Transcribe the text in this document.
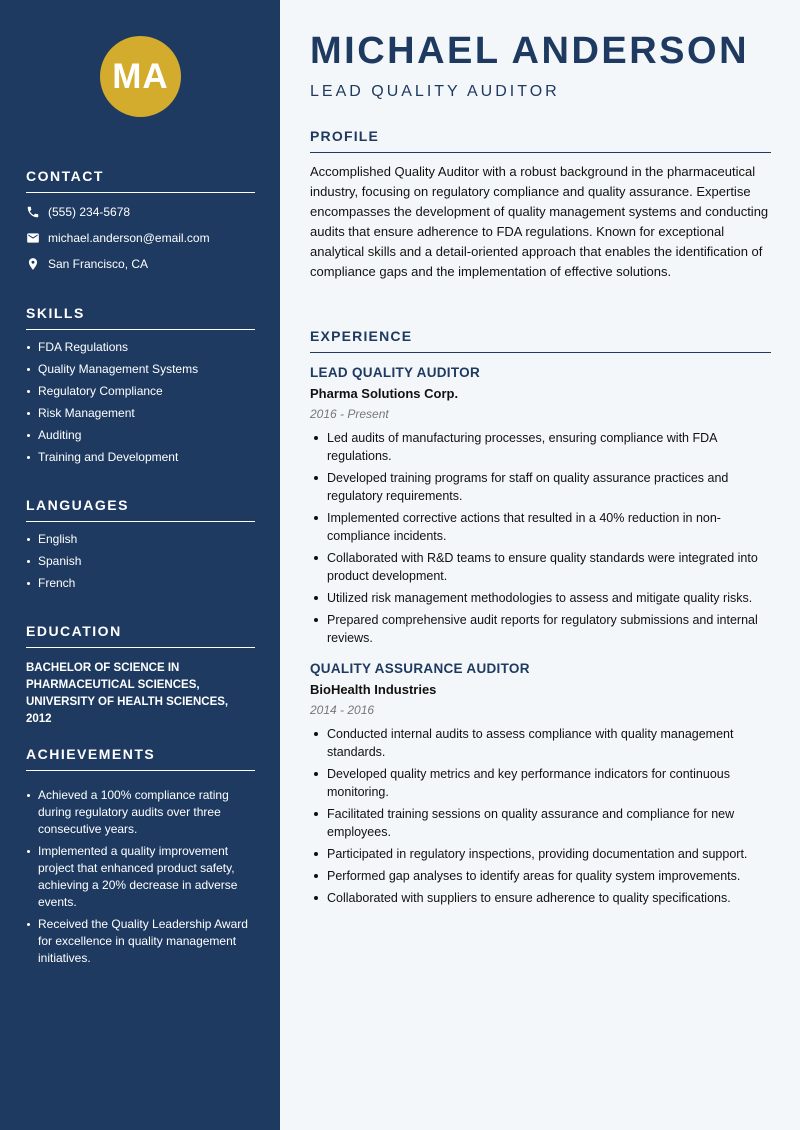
MA
CONTACT
(555) 234-5678
michael.anderson@email.com
San Francisco, CA
SKILLS
FDA Regulations
Quality Management Systems
Regulatory Compliance
Risk Management
Auditing
Training and Development
LANGUAGES
English
Spanish
French
EDUCATION
BACHELOR OF SCIENCE IN PHARMACEUTICAL SCIENCES, UNIVERSITY OF HEALTH SCIENCES, 2012
ACHIEVEMENTS
Achieved a 100% compliance rating during regulatory audits over three consecutive years.
Implemented a quality improvement project that enhanced product safety, achieving a 20% decrease in adverse events.
Received the Quality Leadership Award for excellence in quality management initiatives.
MICHAEL ANDERSON
LEAD QUALITY AUDITOR
PROFILE
Accomplished Quality Auditor with a robust background in the pharmaceutical industry, focusing on regulatory compliance and quality assurance. Expertise encompasses the development of quality management systems and conducting audits that ensure adherence to FDA regulations. Known for exceptional analytical skills and a detail-oriented approach that enables the identification of compliance gaps and the implementation of effective solutions.
EXPERIENCE
LEAD QUALITY AUDITOR
Pharma Solutions Corp.
2016 - Present
Led audits of manufacturing processes, ensuring compliance with FDA regulations.
Developed training programs for staff on quality assurance practices and regulatory requirements.
Implemented corrective actions that resulted in a 40% reduction in non-compliance incidents.
Collaborated with R&D teams to ensure quality standards were integrated into product development.
Utilized risk management methodologies to assess and mitigate quality risks.
Prepared comprehensive audit reports for regulatory submissions and internal reviews.
QUALITY ASSURANCE AUDITOR
BioHealth Industries
2014 - 2016
Conducted internal audits to assess compliance with quality management standards.
Developed quality metrics and key performance indicators for continuous monitoring.
Facilitated training sessions on quality assurance and compliance for new employees.
Participated in regulatory inspections, providing documentation and support.
Performed gap analyses to identify areas for quality system improvements.
Collaborated with suppliers to ensure adherence to quality specifications.
